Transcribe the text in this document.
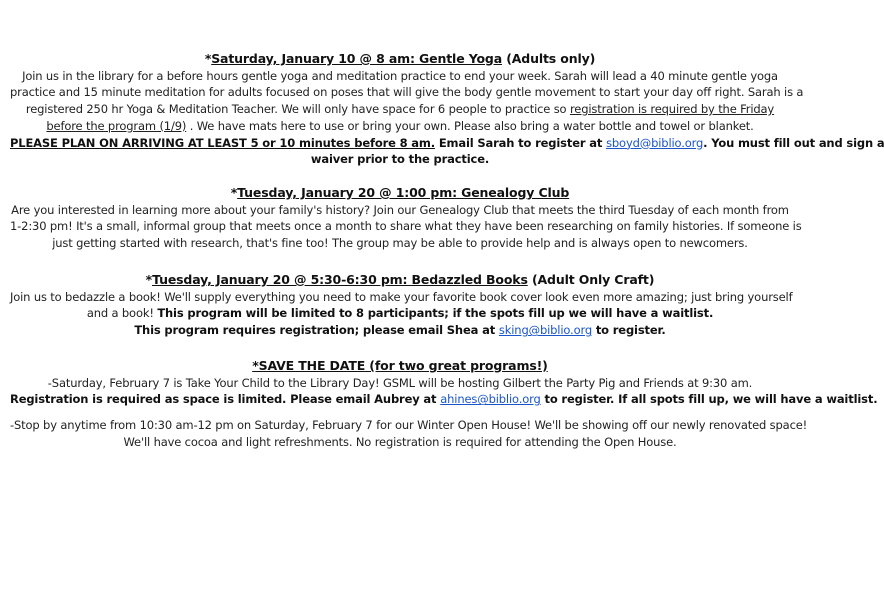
*Saturday, January 10 @ 8 am: Gentle Yoga (Adults only)
Join us in the library for a before hours gentle yoga and meditation practice to end your week. Sarah will lead a 40 minute gentle yoga
practice and 15 minute meditation for adults focused on poses that will give the body gentle movement to start your day off right. Sarah is a
registered 250 hr Yoga & Meditation Teacher. We will only have space for 6 people to practice so registration is required by the Friday
before the program (1/9) . We have mats here to use or bring your own. Please also bring a water bottle and towel or blanket.
PLEASE PLAN ON ARRIVING AT LEAST 5 or 10 minutes before 8 am. Email Sarah to register at sboyd@biblio.org. You must fill out and sign a
waiver prior to the practice.
*Tuesday, January 20 @ 1:00 pm: Genealogy Club
Are you interested in learning more about your family's history? Join our Genealogy Club that meets the third Tuesday of each month from
1-2:30 pm! It's a small, informal group that meets once a month to share what they have been researching on family histories. If someone is
just getting started with research, that's fine too! The group may be able to provide help and is always open to newcomers.
*Tuesday, January 20 @ 5:30-6:30 pm: Bedazzled Books (Adult Only Craft)
Join us to bedazzle a book! We'll supply everything you need to make your favorite book cover look even more amazing; just bring yourself
and a book! This program will be limited to 8 participants; if the spots fill up we will have a waitlist.
This program requires registration; please email Shea at sking@biblio.org to register.
*SAVE THE DATE (for two great programs!)
-Saturday, February 7 is Take Your Child to the Library Day! GSML will be hosting Gilbert the Party Pig and Friends at 9:30 am.
Registration is required as space is limited. Please email Aubrey at ahines@biblio.org to register. If all spots fill up, we will have a waitlist.
-Stop by anytime from 10:30 am-12 pm on Saturday, February 7 for our Winter Open House! We'll be showing off our newly renovated space!
We'll have cocoa and light refreshments. No registration is required for attending the Open House.
